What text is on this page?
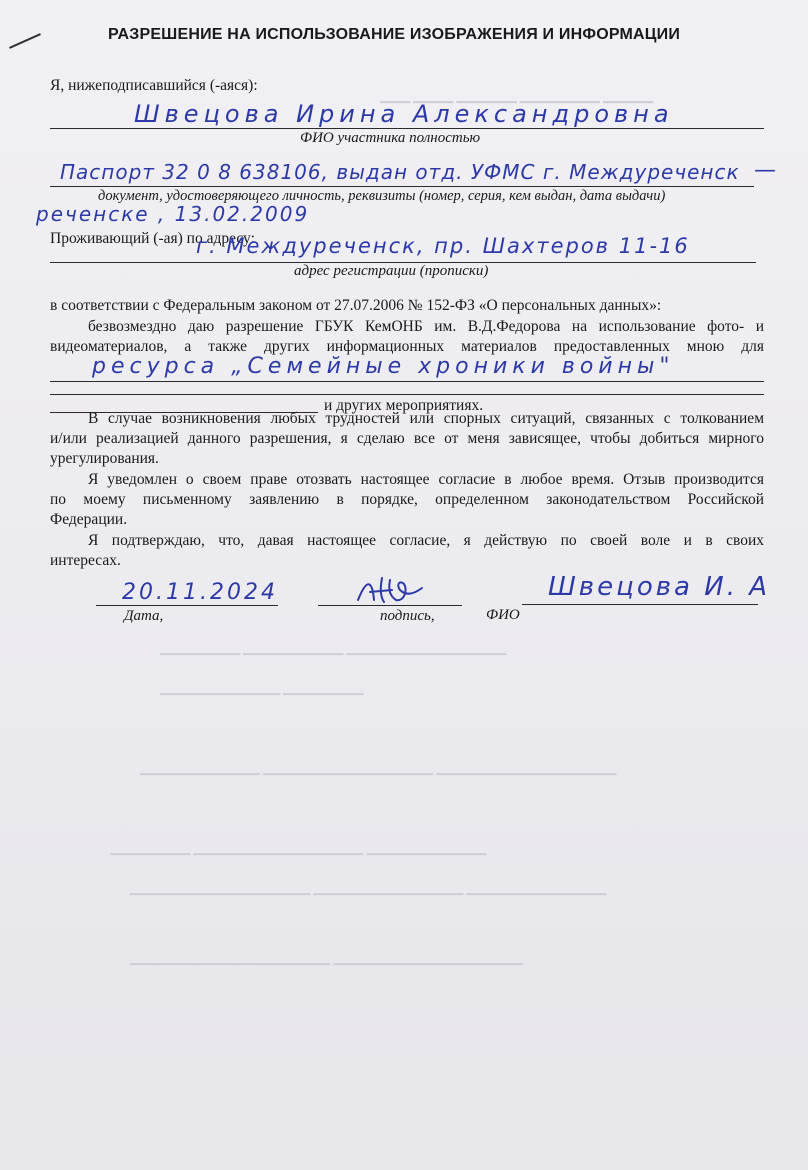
▁▁▁ ▁▁▁▁ ▁▁▁▁▁▁ ▁▁▁▁▁▁▁▁ ▁▁▁▁▁
▁▁▁▁▁▁▁▁ ▁▁▁▁▁▁▁▁▁▁ ▁▁▁▁▁▁▁▁▁▁▁▁▁▁▁▁
▁▁▁▁▁▁▁▁▁▁▁▁ ▁▁▁▁▁▁▁▁
▁▁▁▁▁▁▁▁▁▁▁▁ ▁▁▁▁▁▁▁▁▁▁▁▁▁▁▁▁▁ ▁▁▁▁▁▁▁▁▁▁▁▁▁▁▁▁▁▁
▁▁▁▁▁▁▁▁ ▁▁▁▁▁▁▁▁▁▁▁▁▁▁▁▁▁ ▁▁▁▁▁▁▁▁▁▁▁▁
▁▁▁▁▁▁▁▁▁▁▁▁▁▁▁▁▁▁ ▁▁▁▁▁▁▁▁▁▁▁▁▁▁▁ ▁▁▁▁▁▁▁▁▁▁▁▁▁▁
▁▁▁▁▁▁▁▁▁▁▁▁▁▁▁▁▁▁▁▁ ▁▁▁▁▁▁▁▁▁▁▁▁▁▁▁▁▁▁▁
РАЗРЕШЕНИЕ НА ИСПОЛЬЗОВАНИЕ ИЗОБРАЖЕНИЯ И ИНФОРМАЦИИ
Я, нижеподписавшийся (-аяся):
Швецова Ирина Александровна
ФИО участника полностью
Паспорт 32 0 8 638106, выдан отд. УФМС г. Междуреченск —
документ, удостоверяющего личность, реквизиты (номер, серия, кем выдан, дата выдачи)
реченске , 13.02.2009
Проживающий (-ая) по адресу:
г. Междуреченск, пр. Шахтеров 11-16
адрес регистрации (прописки)
в соответствии с Федеральным законом от 27.07.2006 № 152-ФЗ «О персональных данных»:
безвозмездно даю разрешение ГБУК КемОНБ им. В.Д.Федорова на использование фото- и
видеоматериалов, а также других информационных материалов предоставленных мною для
ресурса „Семейные хроники войны"
и других мероприятиях.
В случае возникновения любых трудностей или спорных ситуаций, связанных с толкованием
и/или реализацией данного разрешения, я сделаю все от меня зависящее, чтобы добиться мирного
урегулирования.
Я уведомлен о своем праве отозвать настоящее согласие в любое время. Отзыв производится
по моему письменному заявлению в порядке, определенном законодательством Российской
Федерации.
Я подтверждаю, что, давая настоящее согласие, я действую по своей воле и в своих
интересах.
20.11.2024
Дата,	подпись,	ФИО
Швецова И. А
